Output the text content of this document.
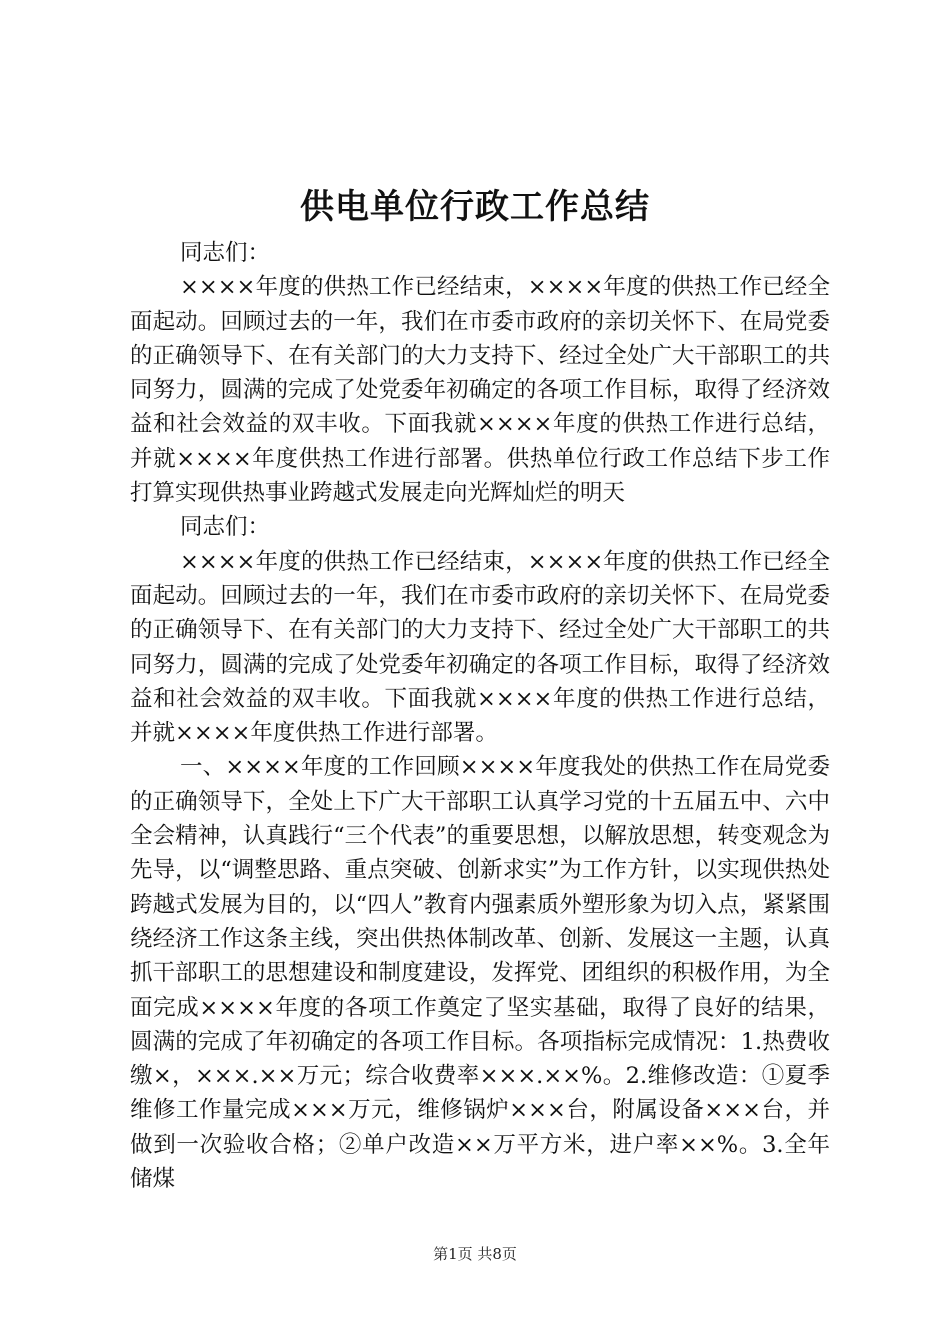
供电单位行政工作总结

同志们：

××××年度的供热工作已经结束，××××年度的供热工作已经全面起动。回顾过去的一年，我们在市委市政府的亲切关怀下、在局党委的正确领导下、在有关部门的大力支持下、经过全处广大干部职工的共同努力，圆满的完成了处党委年初确定的各项工作目标，取得了经济效益和社会效益的双丰收。下面我就××××年度的供热工作进行总结，并就××××年度供热工作进行部署。供热单位行政工作总结下步工作打算实现供热事业跨越式发展走向光辉灿烂的明天

同志们：

××××年度的供热工作已经结束，××××年度的供热工作已经全面起动。回顾过去的一年，我们在市委市政府的亲切关怀下、在局党委的正确领导下、在有关部门的大力支持下、经过全处广大干部职工的共同努力，圆满的完成了处党委年初确定的各项工作目标，取得了经济效益和社会效益的双丰收。下面我就××××年度的供热工作进行总结，并就××××年度供热工作进行部署。

一、××××年度的工作回顾××××年度我处的供热工作在局党委的正确领导下，全处上下广大干部职工认真学习党的十五届五中、六中全会精神，认真践行“三个代表”的重要思想，以解放思想，转变观念为先导，以“调整思路、重点突破、创新求实”为工作方针，以实现供热处跨越式发展为目的，以“四人”教育内强素质外塑形象为切入点，紧紧围绕经济工作这条主线，突出供热体制改革、创新、发展这一主题，认真抓干部职工的思想建设和制度建设，发挥党、团组织的积极作用，为全面完成××××年度的各项工作奠定了坚实基础，取得了良好的结果，圆满的完成了年初确定的各项工作目标。各项指标完成情况：1.热费收缴×，×××.××万元；综合收费率×××.××%。2.维修改造：①夏季维修工作量完成×××万元，维修锅炉×××台，附属设备×××台，并做到一次验收合格；②单户改造××万平方米，进户率××%。3.全年储煤

第1页 共8页
